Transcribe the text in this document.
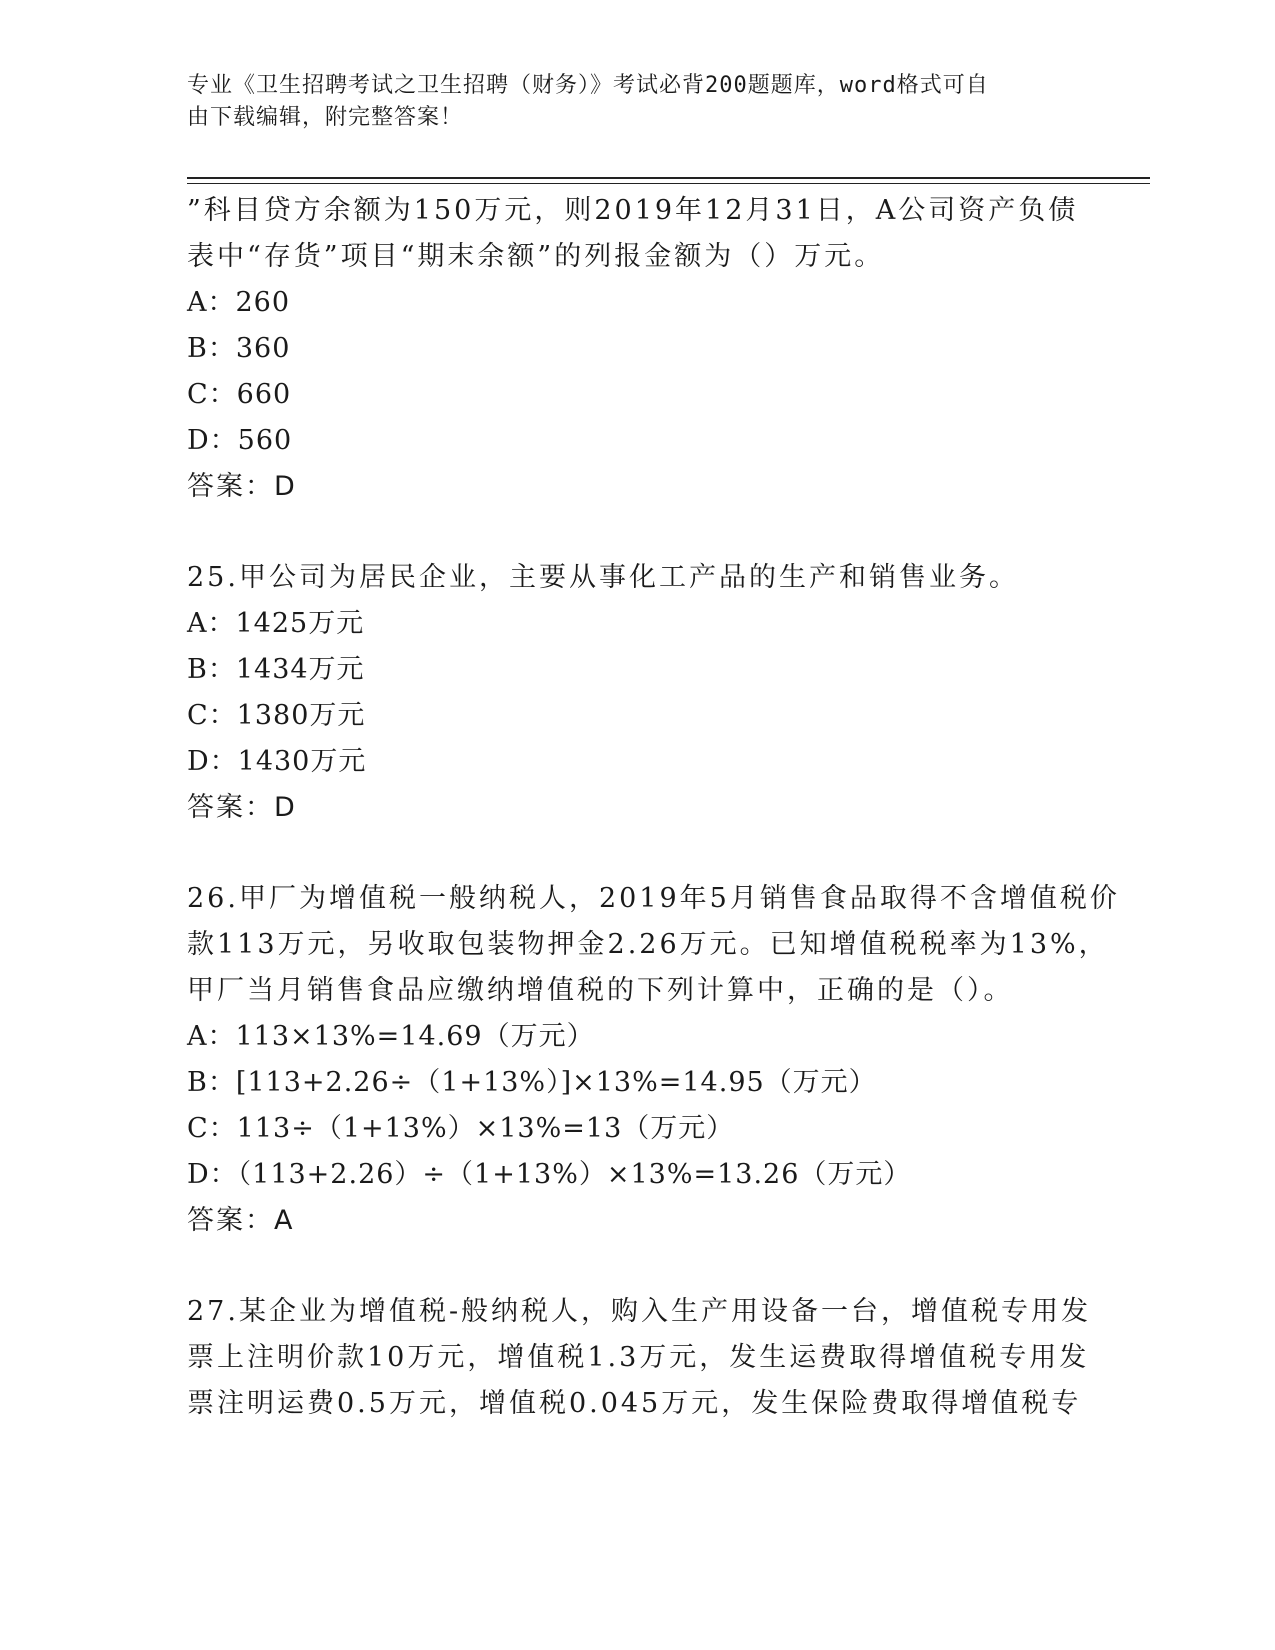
专业《卫生招聘考试之卫生招聘（财务）》考试必背200题题库，word格式可自
由下载编辑，附完整答案！
”科目贷方余额为150万元，则2019年12月31日，A公司资产负债
表中“存货”项目“期末余额”的列报金额为（）万元。
A：260
B：360
C：660
D：560
答案：D
25.甲公司为居民企业，主要从事化工产品的生产和销售业务。
A：1425万元
B：1434万元
C：1380万元
D：1430万元
答案：D
26.甲厂为增值税一般纳税人，2019年5月销售食品取得不含增值税价
款113万元，另收取包装物押金2.26万元。已知增值税税率为13%，
甲厂当月销售食品应缴纳增值税的下列计算中，正确的是（）。
A：113×13%=14.69（万元）
B：[113+2.26÷（1+13%）]×13%=14.95（万元）
C：113÷（1+13%）×13%=13（万元）
D：（113+2.26）÷（1+13%）×13%=13.26（万元）
答案：A
27.某企业为增值税-般纳税人，购入生产用设备一台，增值税专用发
票上注明价款10万元，增值税1.3万元，发生运费取得增值税专用发
票注明运费0.5万元，增值税0.045万元，发生保险费取得增值税专
